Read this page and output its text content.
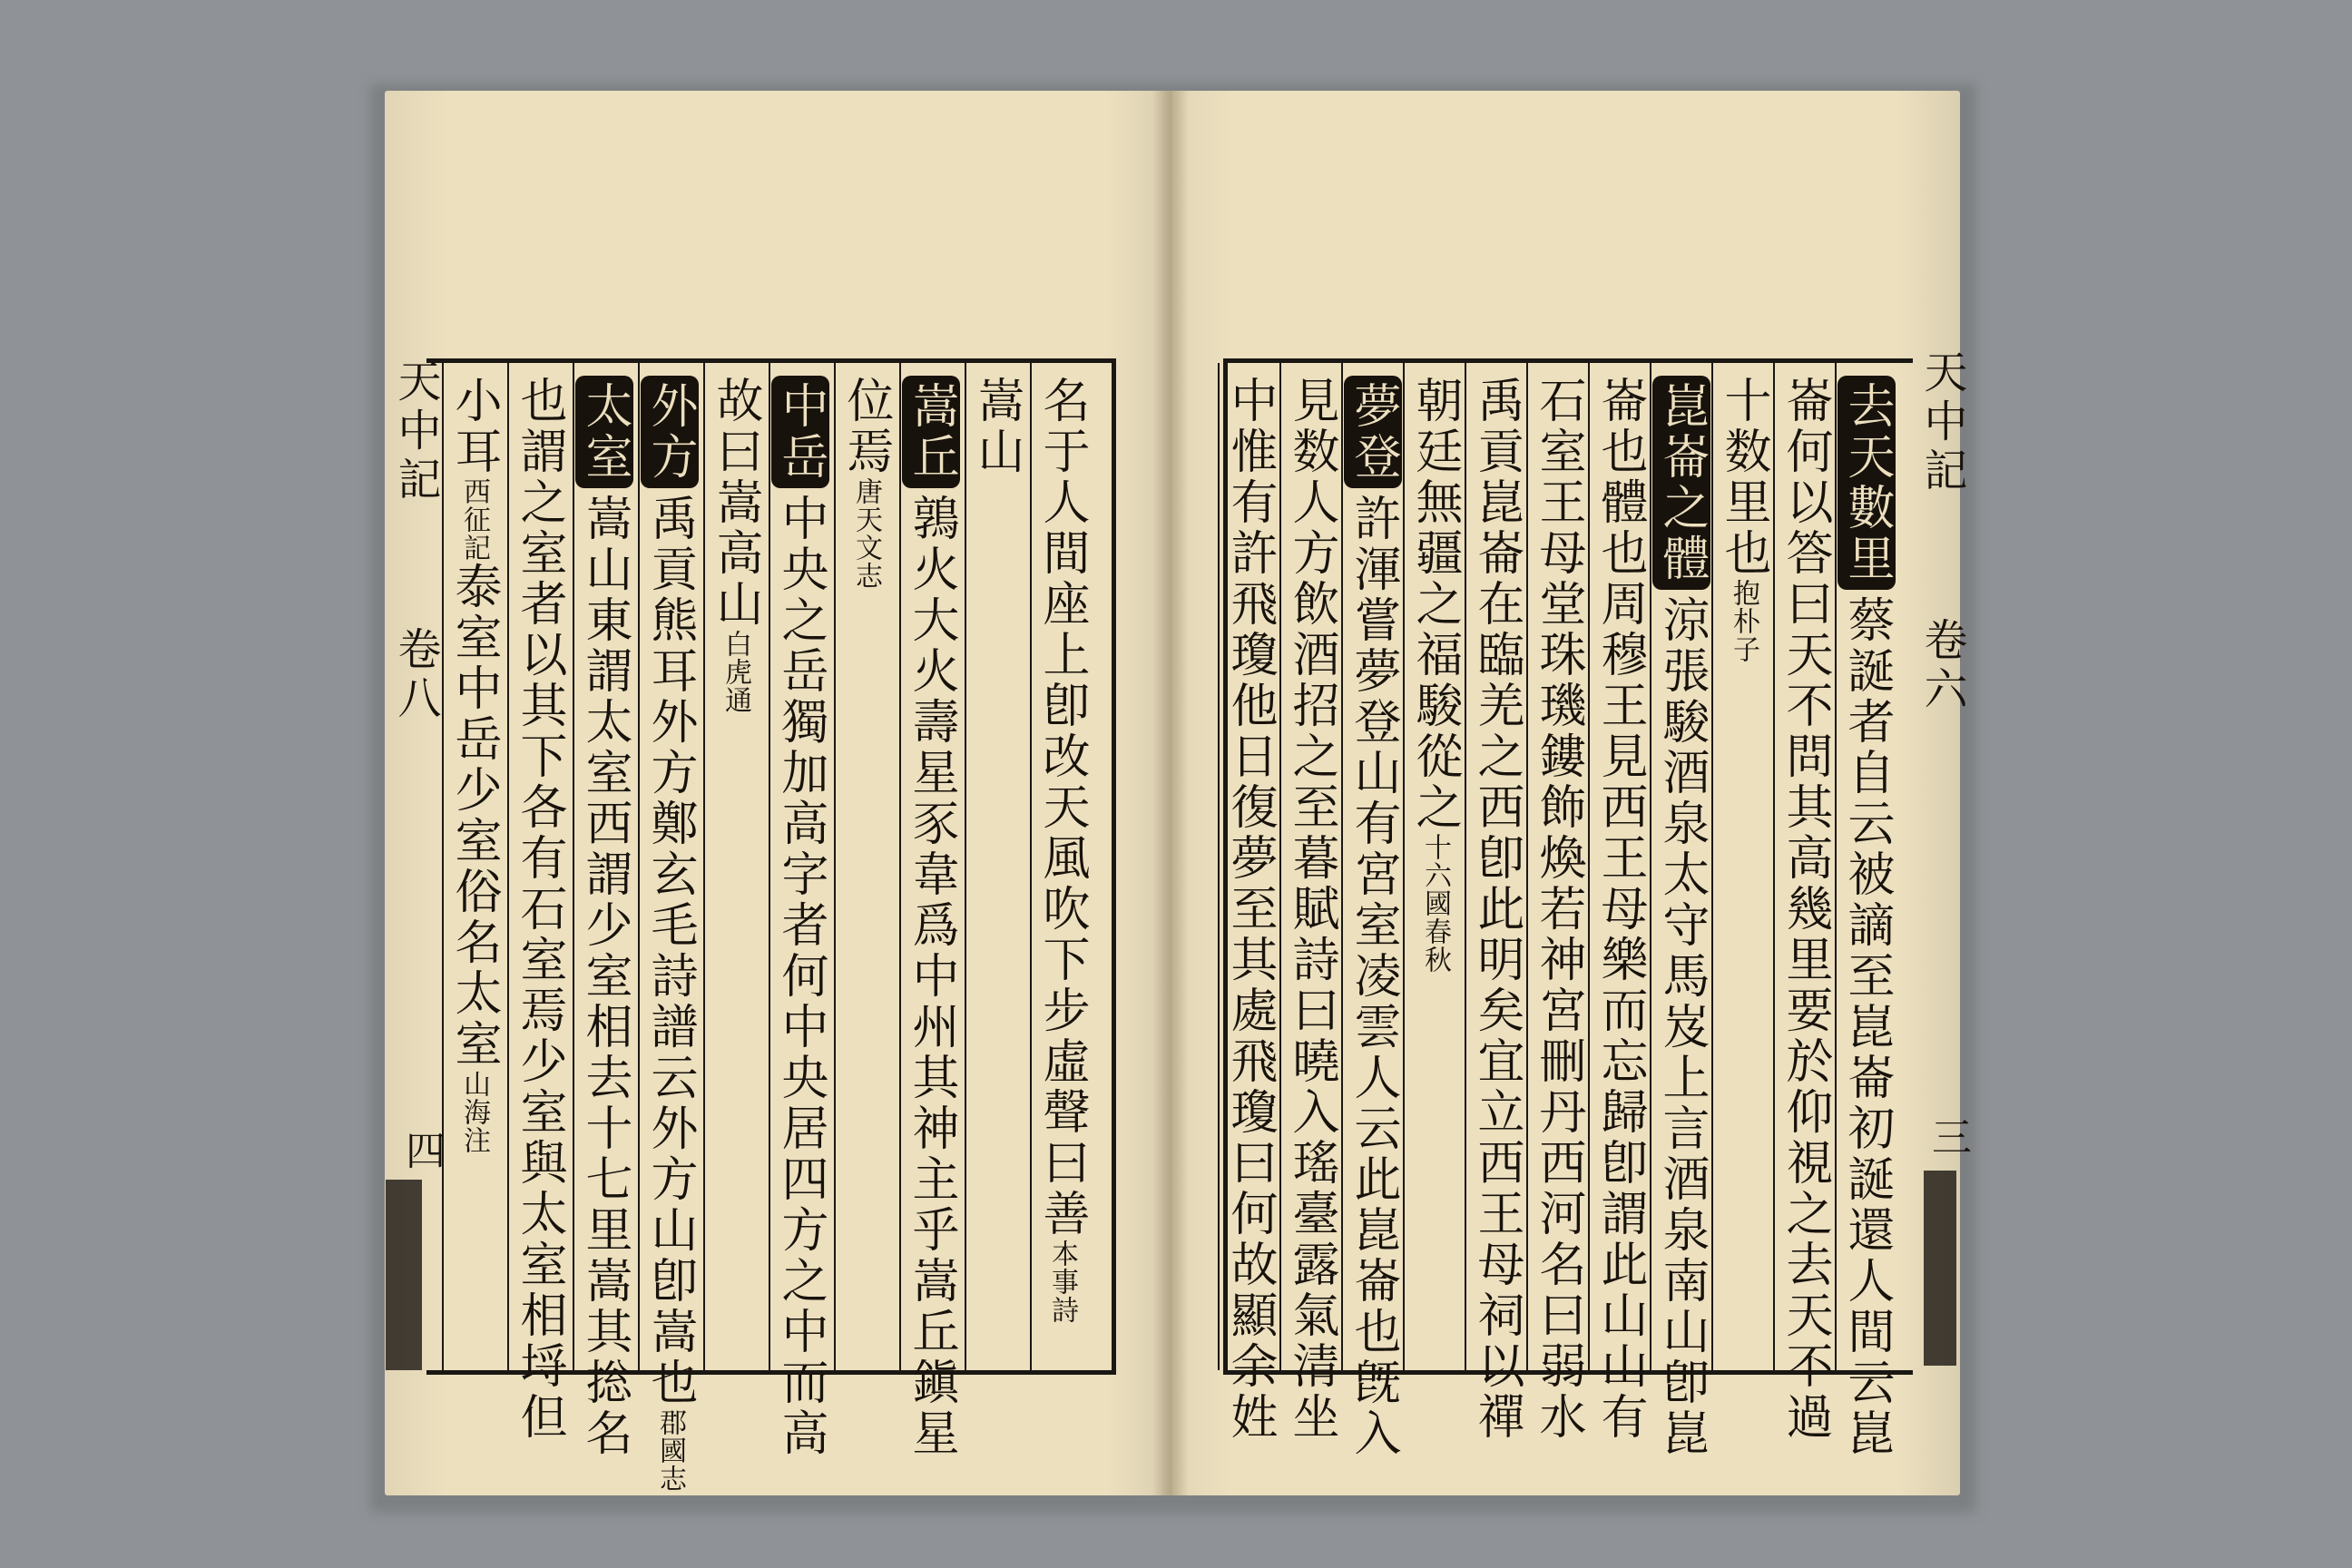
名于人間座上卽改天風吹下步虛聲曰善本事詩
嵩山
嵩丘鶉火大火壽星豕韋爲中州其神主乎嵩丘鎭星
位焉唐天文志
中岳中央之岳獨加高字者何中央居四方之中而高
故曰嵩高山白虎通
外方禹貢熊耳外方鄭玄毛詩譜云外方山卽嵩也郡國志
太室嵩山東謂太室西謂少室相去十七里嵩其捴名
也謂之室者以其下各有石室焉少室與太室相埒但
小耳西征記泰室中岳少室俗名太室山海注
天中記
卷八
四
去天數里蔡誕者自云被謫至崑崙初誕還人間云崑
崙何以答曰天不問其高幾里要於仰視之去天不過
十数里也抱朴子
崑崙之體涼張駿酒泉太守馬岌上言酒泉南山卽崑
崙也體也周穆王見西王母樂而忘歸卽謂此山山有
石室王母堂珠璣鏤飾煥若神宮刪丹西河名曰弱水
禹貢崑崙在臨羌之西卽此明矣宜立西王母祠以禪
朝廷無疆之福駿從之十六國春秋
夢登許渾嘗夢登山有宮室凌雲人云此崑崙也旣入
見数人方飲酒招之至暮賦詩曰曉入瑤臺露氣清坐
中惟有許飛瓊他日復夢至其處飛瓊曰何故顯余姓	天中記
卷六
三
